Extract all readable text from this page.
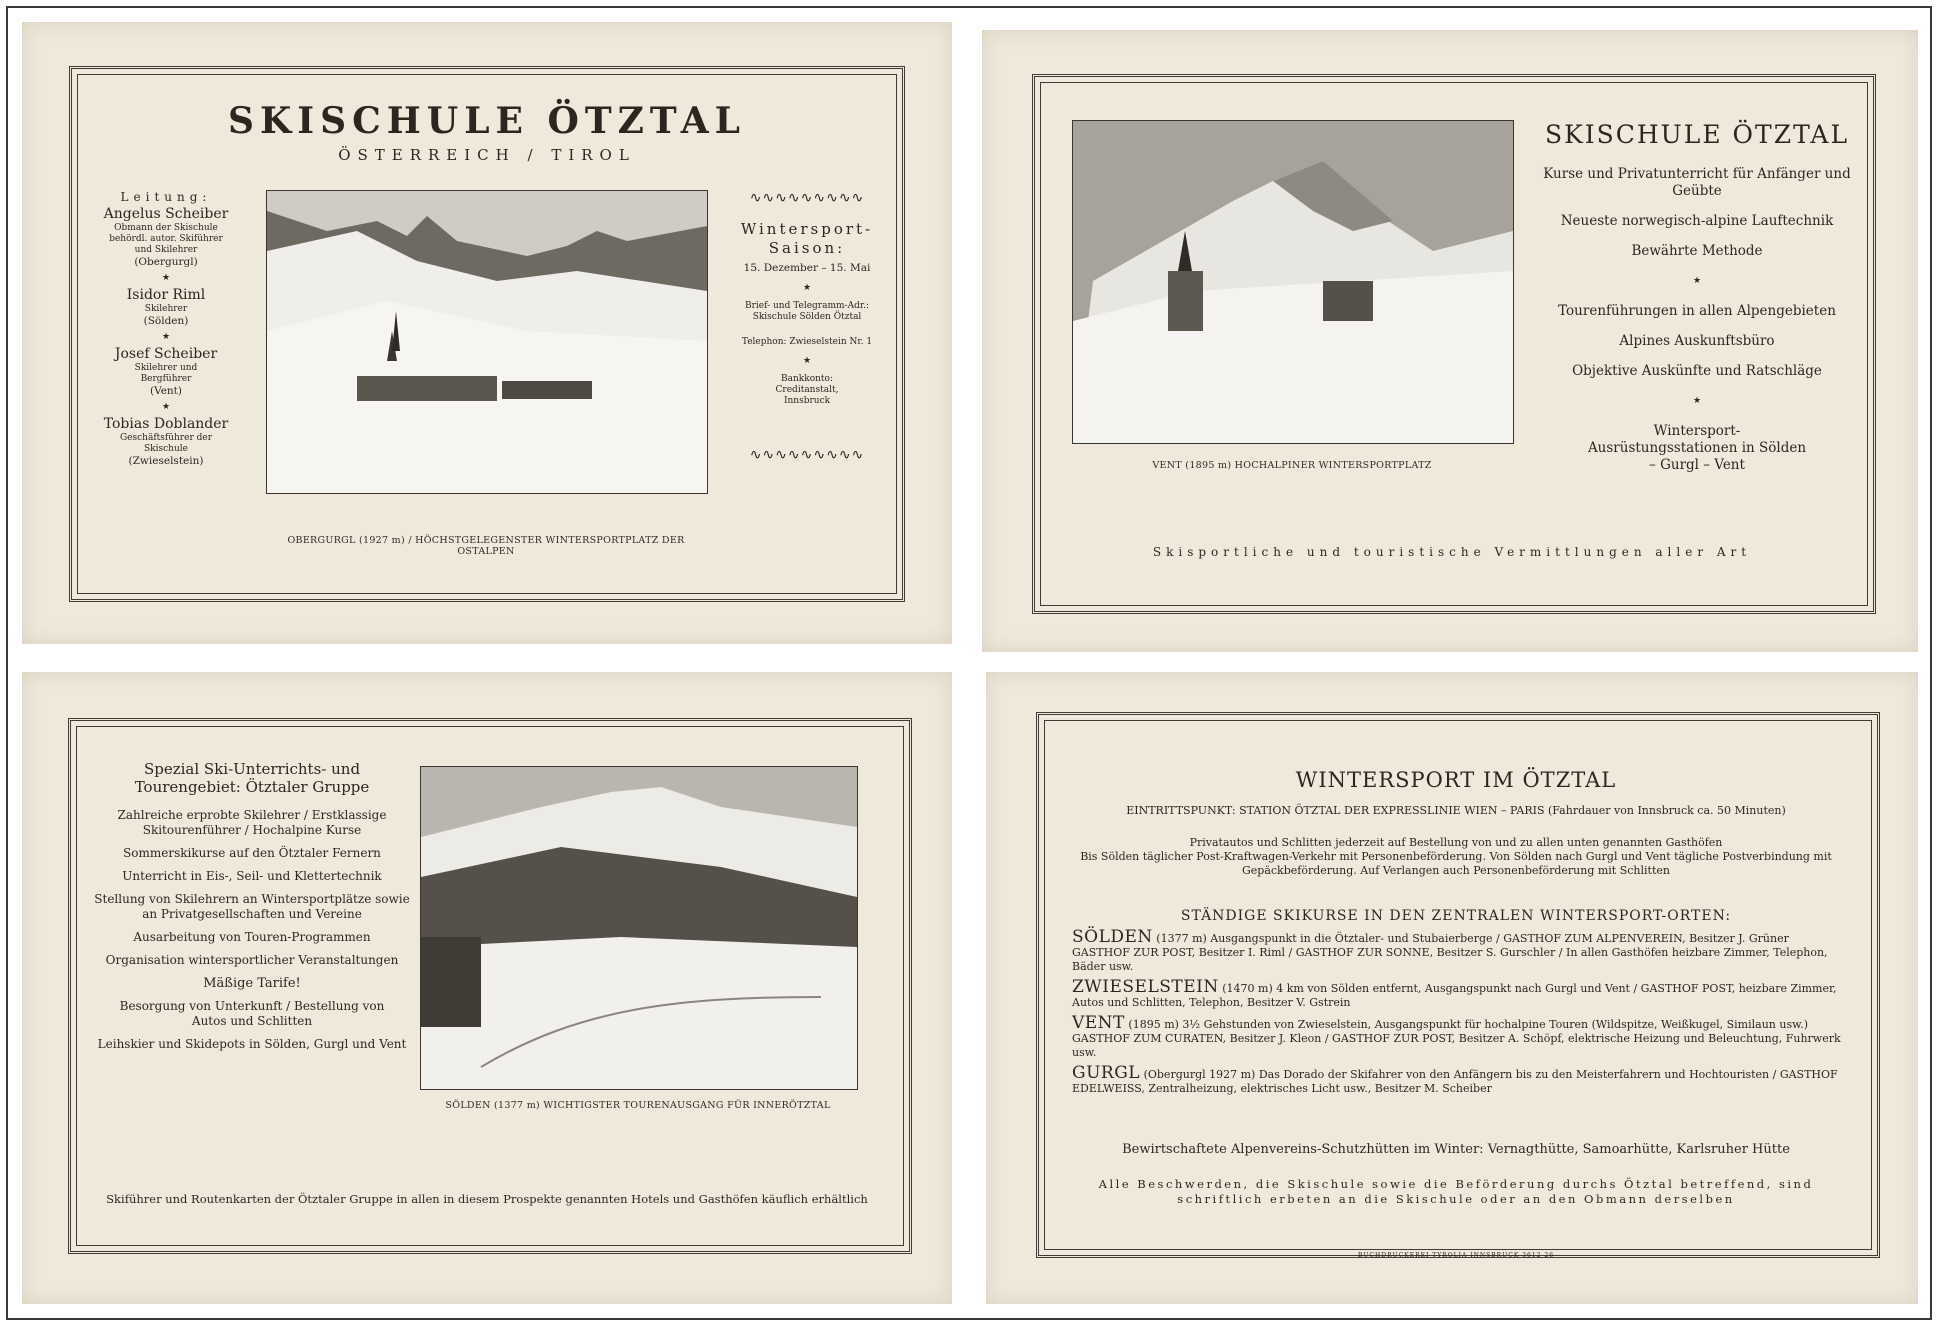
SKISCHULE ÖTZTAL
ÖSTERREICH / TIROL
Leitung:
Angelus Scheiber
Obmann der Skischule behördl. autor. Skiführer und Skilehrer
(Obergurgl)
★
Isidor Riml
Skilehrer
(Sölden)
★
Josef Scheiber
Skilehrer und Bergführer
(Vent)
★
Tobias Doblander
Geschäftsführer der Skischule
(Zwieselstein)
OBERGURGL (1927 m) / HÖCHSTGELEGENSTER WINTERSPORTPLATZ DER OSTALPEN
∿∿∿∿∿∿∿∿∿
Wintersport-Saison:
15. Dezember – 15. Mai
★
Brief- und Telegramm-Adr.: Skischule Sölden Ötztal
Telephon: Zwieselstein Nr. 1
★
Bankkonto: Creditanstalt, Innsbruck
∿∿∿∿∿∿∿∿∿
VENT (1895 m) HOCHALPINER WINTERSPORTPLATZ
SKISCHULE ÖTZTAL
Kurse und Privatunterricht für Anfänger und Geübte
Neueste norwegisch-alpine Lauftechnik
Bewährte Methode
★
Tourenführungen in allen Alpengebieten
Alpines Auskunftsbüro
Objektive Auskünfte und Ratschläge
★
Wintersport-Ausrüstungsstationen in Sölden – Gurgl – Vent
Skisportliche und touristische Vermittlungen aller Art
Spezial Ski-Unterrichts- und Tourengebiet: Ötztaler Gruppe
Zahlreiche erprobte Skilehrer / Erstklassige Skitourenführer / Hochalpine Kurse
Sommerskikurse auf den Ötztaler Fernern
Unterricht in Eis-, Seil- und Klettertechnik
Stellung von Skilehrern an Wintersportplätze sowie an Privatgesellschaften und Vereine
Ausarbeitung von Touren-Programmen
Organisation wintersportlicher Veranstaltungen
Mäßige Tarife!
Besorgung von Unterkunft / Bestellung von Autos und Schlitten
Leihskier und Skidepots in Sölden, Gurgl und Vent
SÖLDEN (1377 m) WICHTIGSTER TOURENAUSGANG FÜR INNERÖTZTAL
Skiführer und Routenkarten der Ötztaler Gruppe in allen in diesem Prospekte genannten Hotels und Gasthöfen käuflich erhältlich
WINTERSPORT IM ÖTZTAL
EINTRITTSPUNKT: STATION ÖTZTAL DER EXPRESSLINIE WIEN – PARIS (Fahrdauer von Innsbruck ca. 50 Minuten)
Privatautos und Schlitten jederzeit auf Bestellung von und zu allen unten genannten Gasthöfen
Bis Sölden täglicher Post-Kraftwagen-Verkehr mit Personenbeförderung. Von Sölden nach Gurgl und Vent tägliche Postverbindung mit Gepäckbeförderung. Auf Verlangen auch Personenbeförderung mit Schlitten
STÄNDIGE SKIKURSE IN DEN ZENTRALEN WINTERSPORT-ORTEN:
SÖLDEN (1377 m) Ausgangspunkt in die Ötztaler- und Stubaierberge / GASTHOF ZUM ALPENVEREIN, Besitzer J. Grüner GASTHOF ZUR POST, Besitzer I. Riml / GASTHOF ZUR SONNE, Besitzer S. Gurschler / In allen Gasthöfen heizbare Zimmer, Telephon, Bäder usw.
ZWIESELSTEIN (1470 m) 4 km von Sölden entfernt, Ausgangspunkt nach Gurgl und Vent / GASTHOF POST, heizbare Zimmer, Autos und Schlitten, Telephon, Besitzer V. Gstrein
VENT (1895 m) 3½ Gehstunden von Zwieselstein, Ausgangspunkt für hochalpine Touren (Wildspitze, Weißkugel, Similaun usw.) GASTHOF ZUM CURATEN, Besitzer J. Kleon / GASTHOF ZUR POST, Besitzer A. Schöpf, elektrische Heizung und Beleuchtung, Fuhrwerk usw.
GURGL (Obergurgl 1927 m) Das Dorado der Skifahrer von den Anfängern bis zu den Meisterfahrern und Hochtouristen / GASTHOF EDELWEISS, Zentralheizung, elektrisches Licht usw., Besitzer M. Scheiber
Bewirtschaftete Alpenvereins-Schutzhütten im Winter: Vernagthütte, Samoarhütte, Karlsruher Hütte
Alle Beschwerden, die Skischule sowie die Beförderung durchs Ötztal betreffend, sind schriftlich erbeten an die Skischule oder an den Obmann derselben
BUCHDRUCKEREI TYROLIA INNSBRUCK 3612 26
